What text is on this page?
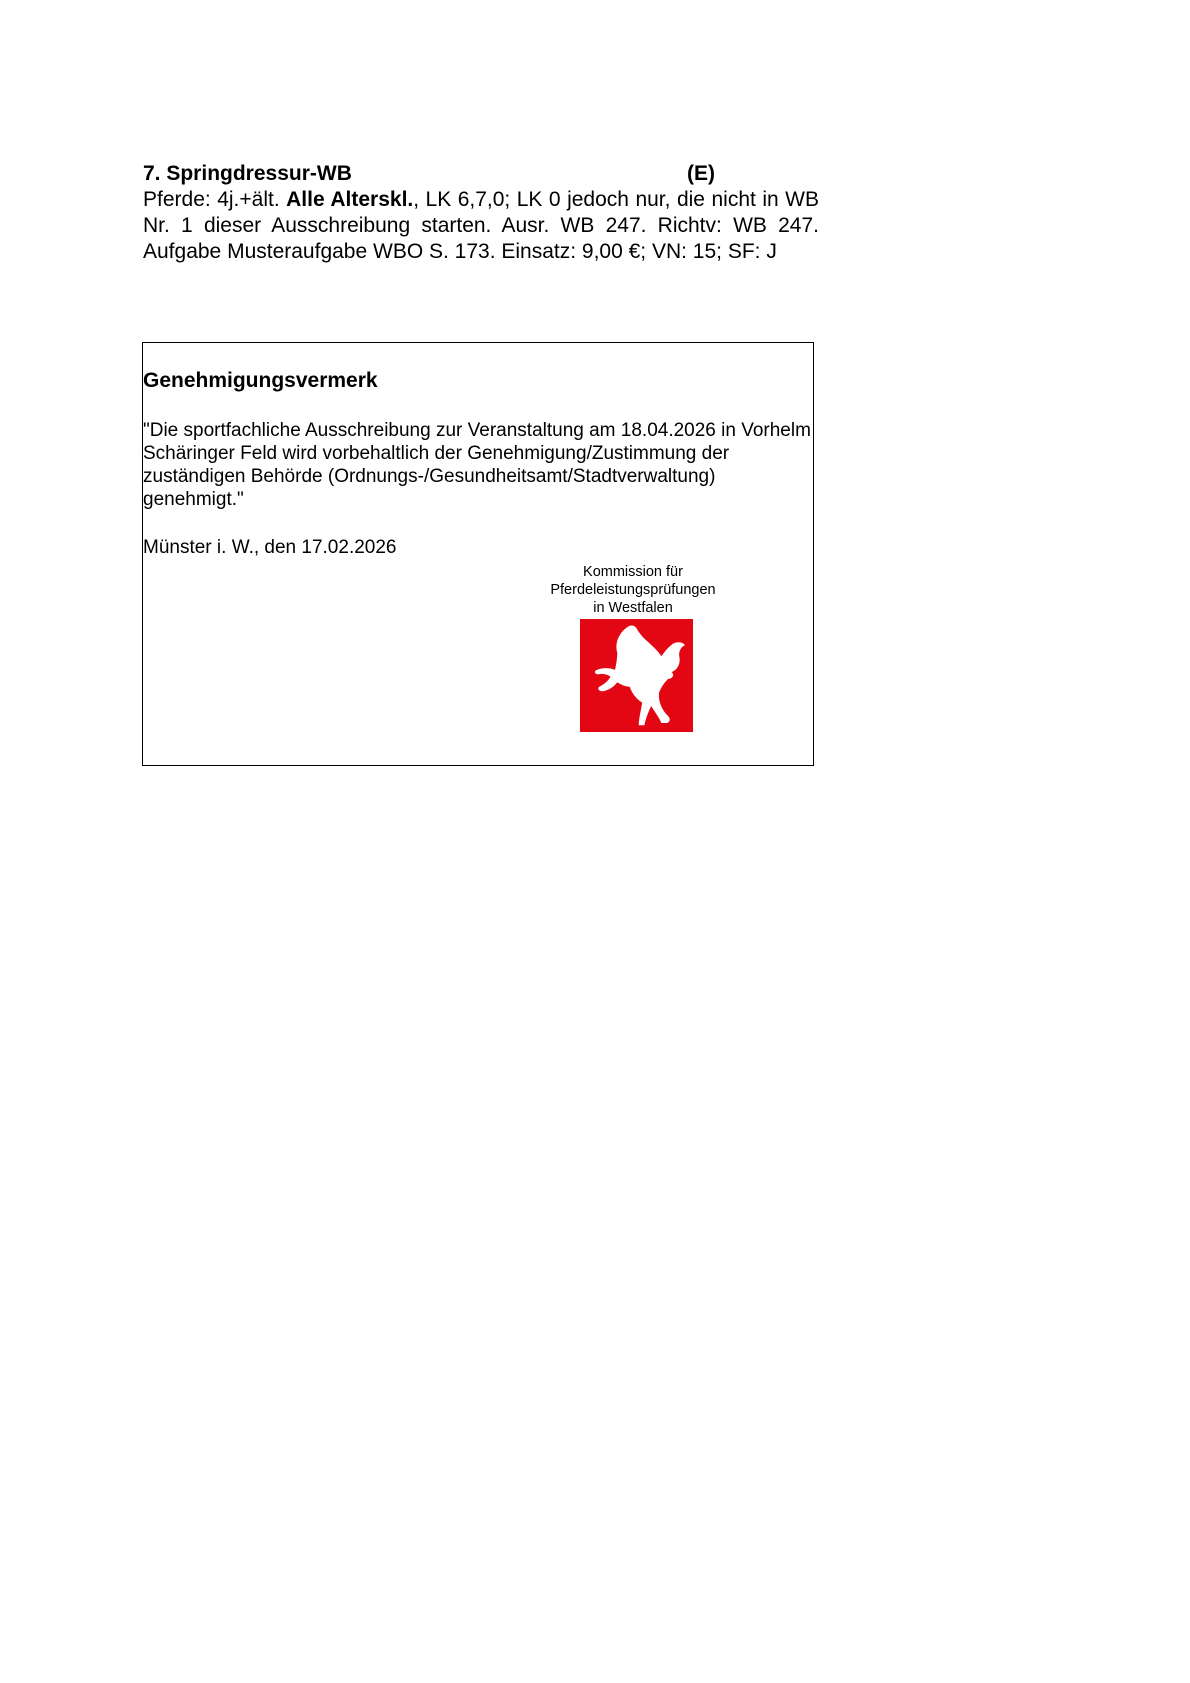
7. Springdressur-WB	(E)

Pferde: 4j.+ält. Alle Alterskl., LK 6,7,0; LK 0 jedoch nur, die nicht in WB Nr. 1 dieser Ausschreibung starten. Ausr. WB 247. Richtv: WB 247. Aufgabe Musteraufgabe WBO S. 173. Einsatz: 9,00 €; VN: 15; SF: J

Genehmigungsvermerk

"Die sportfachliche Ausschreibung zur Veranstaltung am 18.04.2026 in Vorhelm Schäringer Feld wird vorbehaltlich der Genehmigung/Zustimmung der zuständigen Behörde (Ordnungs-/Gesundheitsamt/Stadtverwaltung) genehmigt."

Münster i. W., den 17.02.2026

Kommission für
Pferdeleistungsprüfungen
in Westfalen
